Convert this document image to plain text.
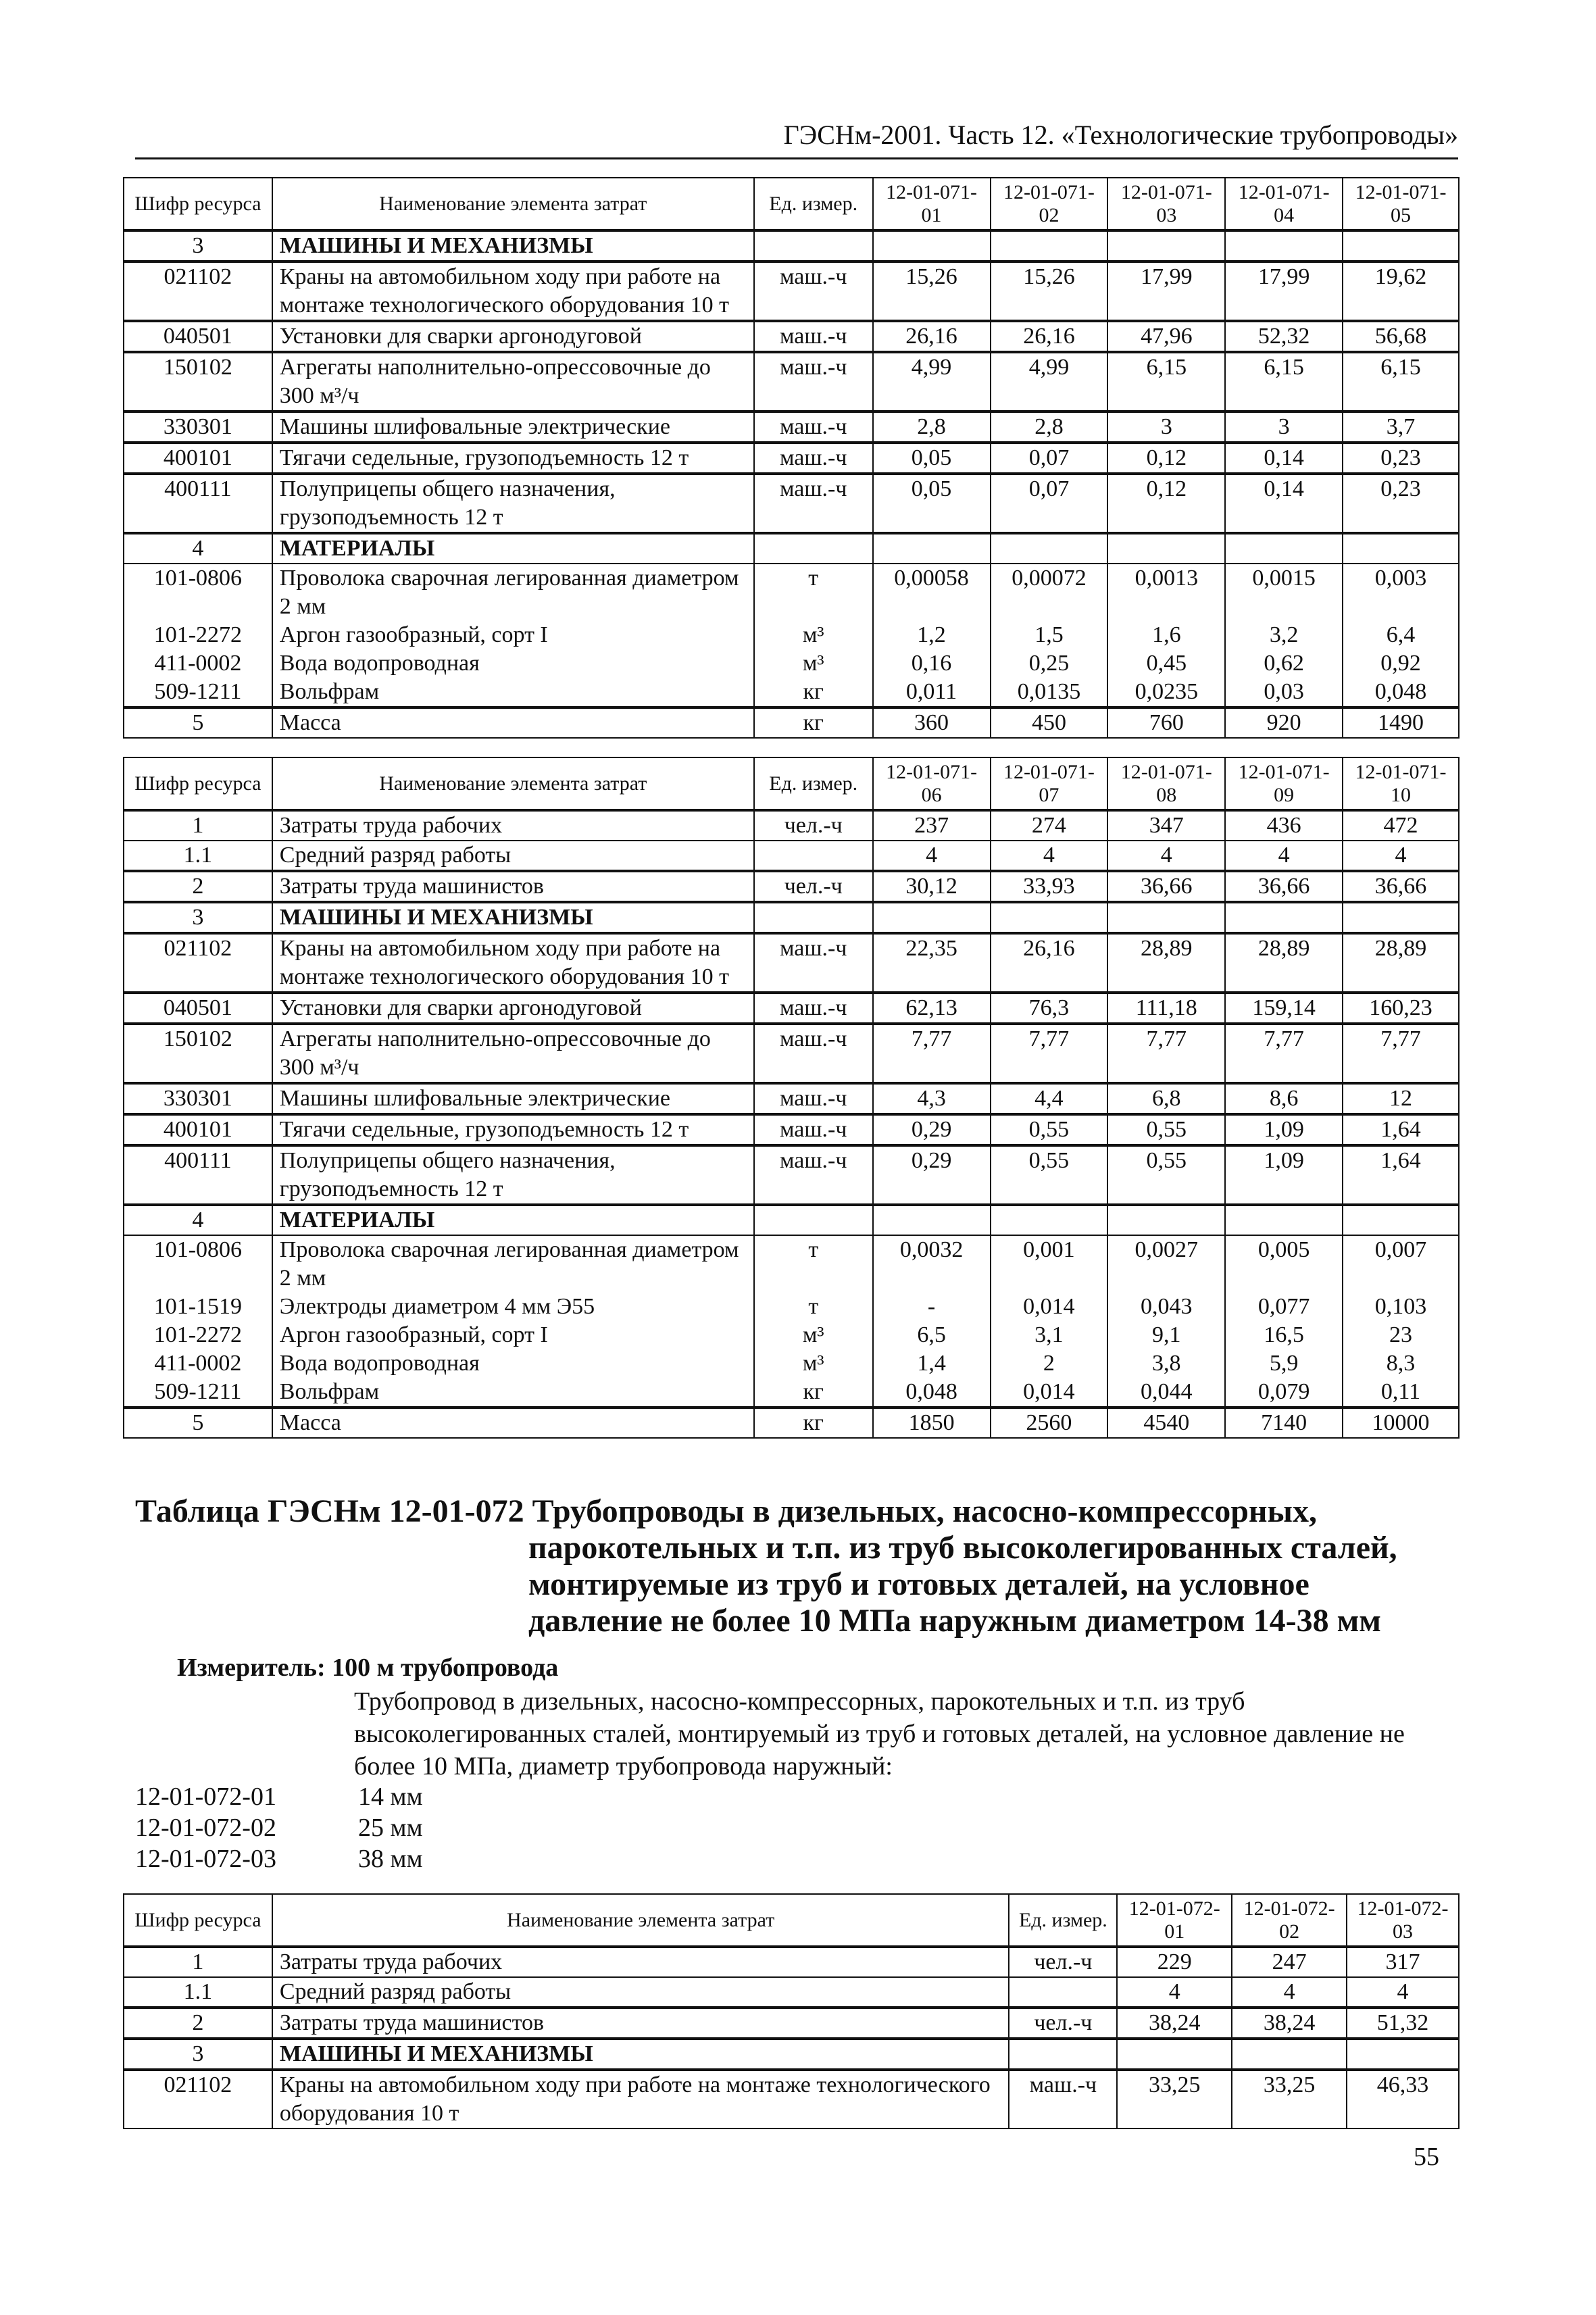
ГЭСНм-2001. Часть 12. «Технологические трубопроводы»
Шифр ресурса	Наименование элемента затрат	Ед. измер.	12-01-071-01	12-01-071-02	12-01-071-03	12-01-071-04	12-01-071-05
3	МАШИНЫ И МЕХАНИЗМЫ						
021102	Краны на автомобильном ходу при работе на монтаже технологического оборудования 10 т	маш.-ч	15,26	15,26	17,99	17,99	19,62
040501	Установки для сварки аргонодуговой	маш.-ч	26,16	26,16	47,96	52,32	56,68
150102	Агрегаты наполнительно-опрессовочные до 300 м³/ч	маш.-ч	4,99	4,99	6,15	6,15	6,15
330301	Машины шлифовальные электрические	маш.-ч	2,8	2,8	3	3	3,7
400101	Тягачи седельные, грузоподъемность 12 т	маш.-ч	0,05	0,07	0,12	0,14	0,23
400111	Полуприцепы общего назначения, грузоподъемность 12 т	маш.-ч	0,05	0,07	0,12	0,14	0,23
4	МАТЕРИАЛЫ						
101-0806	Проволока сварочная легированная диаметром 2 мм	т	0,00058	0,00072	0,0013	0,0015	0,003
101-2272	Аргон газообразный, сорт I	м³	1,2	1,5	1,6	3,2	6,4
411-0002	Вода водопроводная	м³	0,16	0,25	0,45	0,62	0,92
509-1211	Вольфрам	кг	0,011	0,0135	0,0235	0,03	0,048
5	Масса	кг	360	450	760	920	1490
Шифр ресурса	Наименование элемента затрат	Ед. измер.	12-01-071-06	12-01-071-07	12-01-071-08	12-01-071-09	12-01-071-10
1	Затраты труда рабочих	чел.-ч	237	274	347	436	472
1.1	Средний разряд работы		4	4	4	4	4
2	Затраты труда машинистов	чел.-ч	30,12	33,93	36,66	36,66	36,66
3	МАШИНЫ И МЕХАНИЗМЫ						
021102	Краны на автомобильном ходу при работе на монтаже технологического оборудования 10 т	маш.-ч	22,35	26,16	28,89	28,89	28,89
040501	Установки для сварки аргонодуговой	маш.-ч	62,13	76,3	111,18	159,14	160,23
150102	Агрегаты наполнительно-опрессовочные до 300 м³/ч	маш.-ч	7,77	7,77	7,77	7,77	7,77
330301	Машины шлифовальные электрические	маш.-ч	4,3	4,4	6,8	8,6	12
400101	Тягачи седельные, грузоподъемность 12 т	маш.-ч	0,29	0,55	0,55	1,09	1,64
400111	Полуприцепы общего назначения, грузоподъемность 12 т	маш.-ч	0,29	0,55	0,55	1,09	1,64
4	МАТЕРИАЛЫ						
101-0806	Проволока сварочная легированная диаметром 2 мм	т	0,0032	0,001	0,0027	0,005	0,007
101-1519	Электроды диаметром 4 мм Э55	т	-	0,014	0,043	0,077	0,103
101-2272	Аргон газообразный, сорт I	м³	6,5	3,1	9,1	16,5	23
411-0002	Вода водопроводная	м³	1,4	2	3,8	5,9	8,3
509-1211	Вольфрам	кг	0,048	0,014	0,044	0,079	0,11
5	Масса	кг	1850	2560	4540	7140	10000
Таблица ГЭСНм 12-01-072 Трубопроводы в дизельных, насосно-компрессорных,
парокотельных и т.п. из труб высоколегированных сталей,
монтируемые из труб и готовых деталей, на условное
давление не более 10 МПа наружным диаметром 14-38 мм
Измеритель: 100 м трубопровода
Трубопровод в дизельных, насосно-компрессорных, парокотельных и т.п. из труб высоколегированных сталей, монтируемый из труб и готовых деталей, на условное давление не более 10 МПа, диаметр трубопровода наружный:
12-01-072-01	14 мм
12-01-072-02	25 мм
12-01-072-03	38 мм
Шифр ресурса	Наименование элемента затрат	Ед. измер.	12-01-072-01	12-01-072-02	12-01-072-03
1	Затраты труда рабочих	чел.-ч	229	247	317
1.1	Средний разряд работы		4	4	4
2	Затраты труда машинистов	чел.-ч	38,24	38,24	51,32
3	МАШИНЫ И МЕХАНИЗМЫ				
021102	Краны на автомобильном ходу при работе на монтаже технологического оборудования 10 т	маш.-ч	33,25	33,25	46,33
55
